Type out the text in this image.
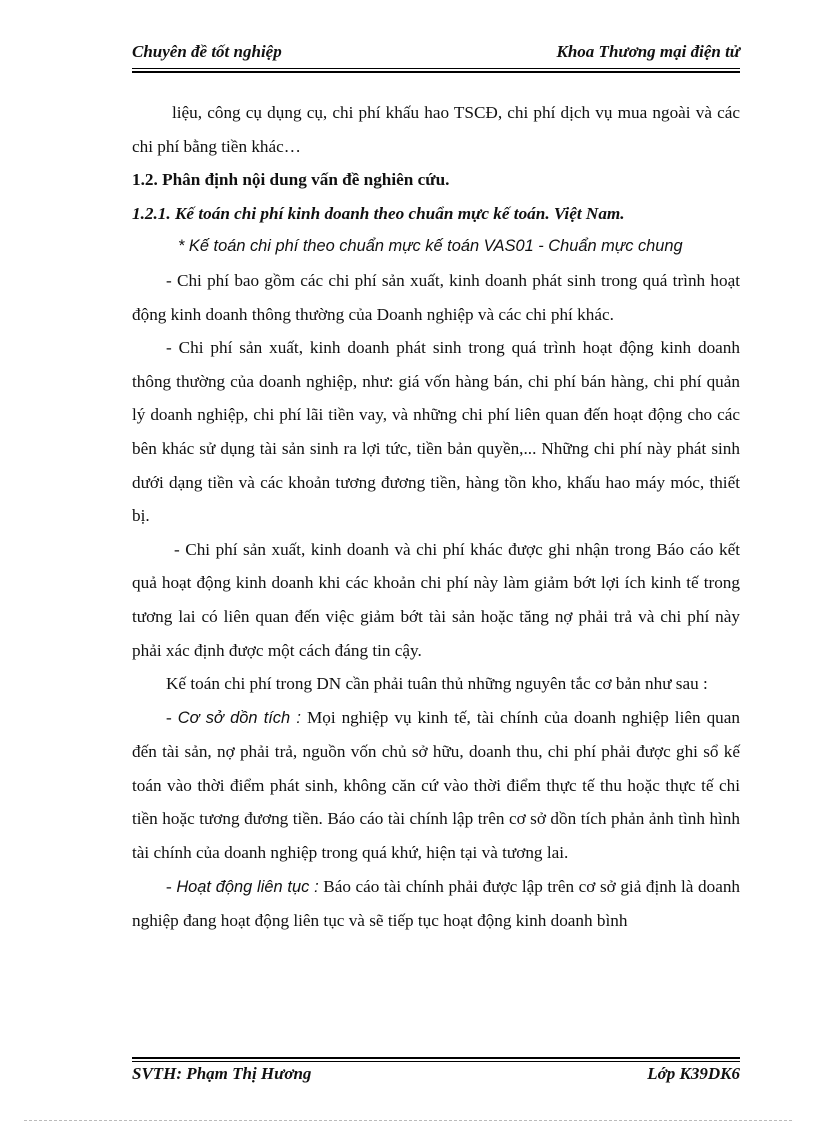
Chuyên đề tốt nghiệp	Khoa Thương mại điện tử

liệu, công cụ dụng cụ, chi phí khấu hao TSCĐ, chi phí dịch vụ mua ngoài và các chi phí bằng tiền khác…

1.2. Phân định nội dung vấn đề nghiên cứu.

1.2.1. Kế toán chi phí kinh doanh theo chuẩn mực kế toán. Việt Nam.

* Kế toán chi phí theo chuẩn mực kế toán VAS01 - Chuẩn mực chung

- Chi phí bao gồm các chi phí sản xuất, kinh doanh phát sinh trong quá trình hoạt động kinh doanh thông thường của Doanh nghiệp và các chi phí khác.

- Chi phí sản xuất, kinh doanh phát sinh trong quá trình hoạt động kinh doanh thông thường của doanh nghiệp, như: giá vốn hàng bán, chi phí bán hàng, chi phí quản lý doanh nghiệp, chi phí lãi tiền vay, và những chi phí liên quan đến hoạt động cho các bên khác sử dụng tài sản sinh ra lợi tức, tiền bản quyền,... Những chi phí này phát sinh dưới dạng tiền và các khoản tương đương tiền, hàng tồn kho, khấu hao máy móc, thiết bị.

- Chi phí sản xuất, kinh doanh và chi phí khác được ghi nhận trong Báo cáo kết quả hoạt động kinh doanh khi các khoản chi phí này làm giảm bớt lợi ích kinh tế trong tương lai có liên quan đến việc giảm bớt tài sản hoặc tăng nợ phải trả và chi phí này phải xác định được một cách đáng tin cậy.

Kế toán chi phí trong DN cần phải tuân thủ những nguyên tắc cơ bản như sau :

- Cơ sở dồn tích : Mọi nghiệp vụ kinh tế, tài chính của doanh nghiệp liên quan đến tài sản, nợ phải trả, nguồn vốn chủ sở hữu, doanh thu, chi phí phải được ghi sổ kế toán vào thời điểm phát sinh, không căn cứ vào thời điểm thực tế thu hoặc thực tế chi tiền hoặc tương đương tiền. Báo cáo tài chính lập trên cơ sở dồn tích phản ảnh tình hình tài chính của doanh nghiệp trong quá khứ, hiện tại và tương lai.

- Hoạt động liên tục : Báo cáo tài chính phải được lập trên cơ sở giả định là doanh nghiệp đang hoạt động liên tục và sẽ tiếp tục hoạt động kinh doanh bình

SVTH: Phạm Thị Hương	Lớp K39DK6
